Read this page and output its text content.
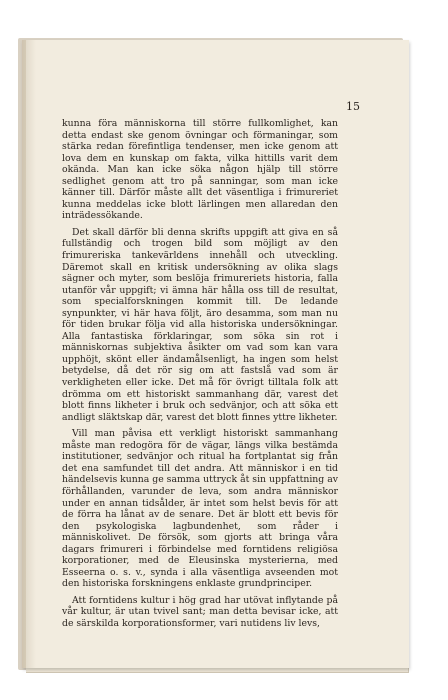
15

kunna föra människorna till större fullkomlighet, kan detta endast ske genom övningar och förmaningar, som stärka redan förefintliga tendenser, men icke genom att lova dem en kunskap om fakta, vilka hittills varit dem okända. Man kan icke söka någon hjälp till större sedlighet genom att tro på sanningar, som man icke känner till. Därför måste allt det väsentliga i frimureriet kunna meddelas icke blott lärlingen men allaredan den inträdessökande.

Det skall därför bli denna skrifts uppgift att giva en så fullständig och trogen bild som möjligt av den frimureriska tankevärldens innehåll och utveckling. Däremot skall en kritisk undersökning av olika slags sägner och myter, som beslöja frimureriets historia, falla utanför vår uppgift; vi ämna här hålla oss till de resultat, som specialforskningen kommit till. De ledande synpunkter, vi här hava följt, äro desamma, som man nu för tiden brukar följa vid alla historiska undersökningar. Alla fantastiska förklaringar, som söka sin rot i människornas subjektiva åsikter om vad som kan vara upphöjt, skönt eller ändamålsenligt, ha ingen som helst betydelse, då det rör sig om att fastslå vad som är verkligheten eller icke. Det må för övrigt tilltala folk att drömma om ett historiskt sammanhang där, varest det blott finns likheter i bruk och sedvänjor, och att söka ett andligt släktskap där, varest det blott finnes yttre likheter.

Vill man påvisa ett verkligt historiskt sammanhang måste man redogöra för de vägar, längs vilka bestämda institutioner, sedvänjor och ritual ha fortplantat sig från det ena samfundet till det andra. Att människor i en tid händelsevis kunna ge samma uttryck åt sin uppfattning av förhållanden, varunder de leva, som andra människor under en annan tidsålder, är intet som helst bevis för att de förra ha lånat av de senare. Det är blott ett bevis för den psykologiska lagbundenhet, som råder i människolivet. De försök, som gjorts att bringa våra dagars frimureri i förbindelse med forntidens religiösa korporationer, med de Eleusinska mysterierna, med Esseerna o. s. v., synda i alla väsentliga avseenden mot den historiska forskningens enklaste grundprinciper.

Att forntidens kultur i hög grad har utövat inflytande på vår kultur, är utan tvivel sant; man detta bevisar icke, att de särskilda korporationsformer, vari nutidens liv levs,
